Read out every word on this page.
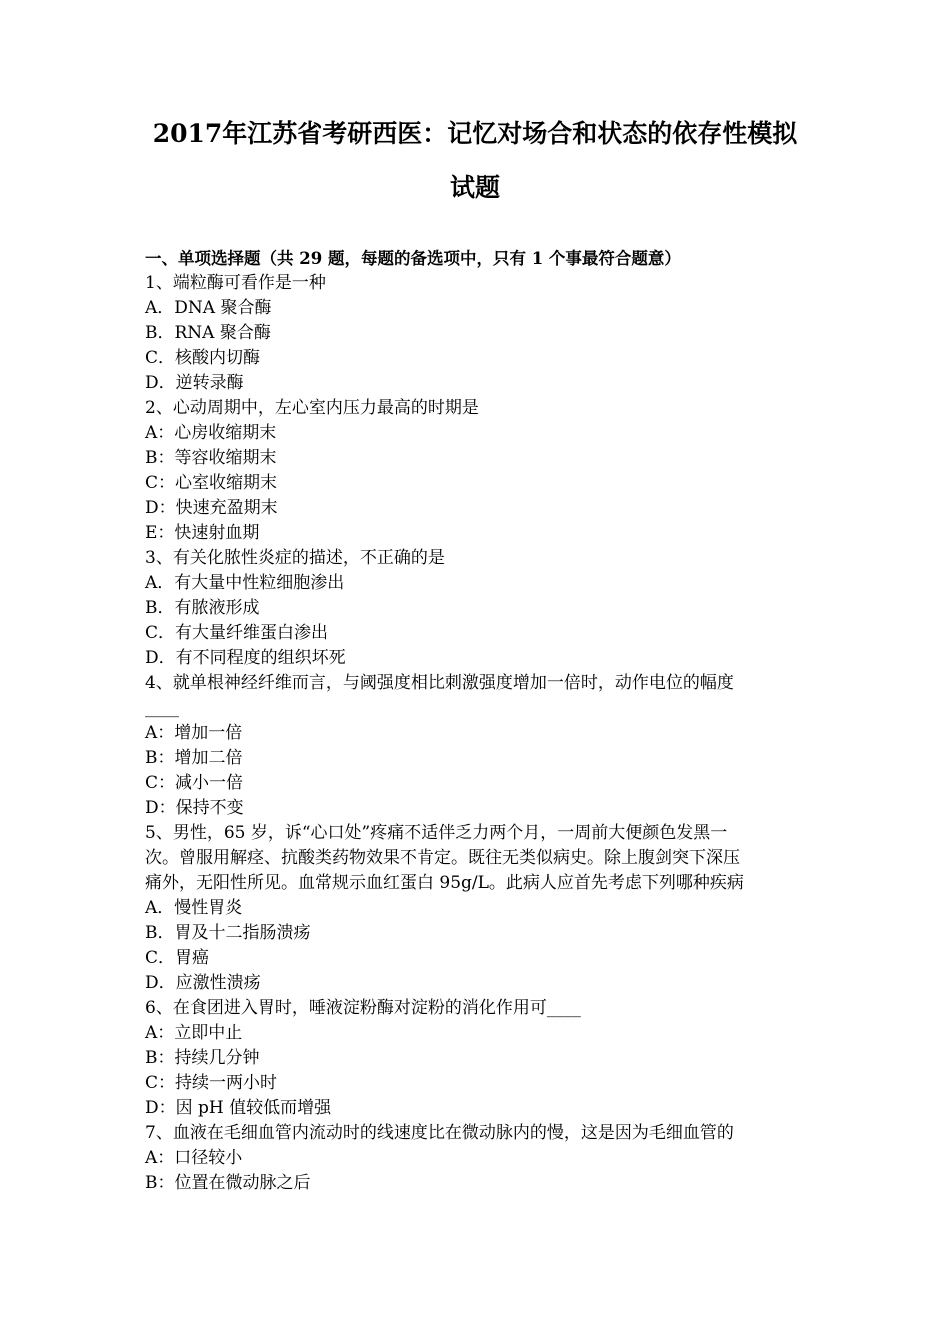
2017年江苏省考研西医：记忆对场合和状态的依存性模拟
试题
一、单项选择题（共 29 题，每题的备选项中，只有 1 个事最符合题意）
1、端粒酶可看作是一种
A．DNA 聚合酶
B．RNA 聚合酶
C．核酸内切酶
D．逆转录酶
2、心动周期中，左心室内压力最高的时期是
A：心房收缩期末
B：等容收缩期末
C：心室收缩期末
D：快速充盈期末
E：快速射血期
3、有关化脓性炎症的描述，不正确的是
A．有大量中性粒细胞渗出
B．有脓液形成
C．有大量纤维蛋白渗出
D．有不同程度的组织坏死
4、就单根神经纤维而言，与阈强度相比刺激强度增加一倍时，动作电位的幅度
____
A：增加一倍
B：增加二倍
C：减小一倍
D：保持不变
5、男性，65 岁，诉“心口处”疼痛不适伴乏力两个月，一周前大便颜色发黑一
次。曾服用解痉、抗酸类药物效果不肯定。既往无类似病史。除上腹剑突下深压
痛外，无阳性所见。血常规示血红蛋白 95g/L。此病人应首先考虑下列哪种疾病
A．慢性胃炎
B．胃及十二指肠溃疡
C．胃癌
D．应激性溃疡
6、在食团进入胃时，唾液淀粉酶对淀粉的消化作用可____
A：立即中止
B：持续几分钟
C：持续一两小时
D：因 pH 值较低而增强
7、血液在毛细血管内流动时的线速度比在微动脉内的慢，这是因为毛细血管的
A：口径较小
B：位置在微动脉之后
